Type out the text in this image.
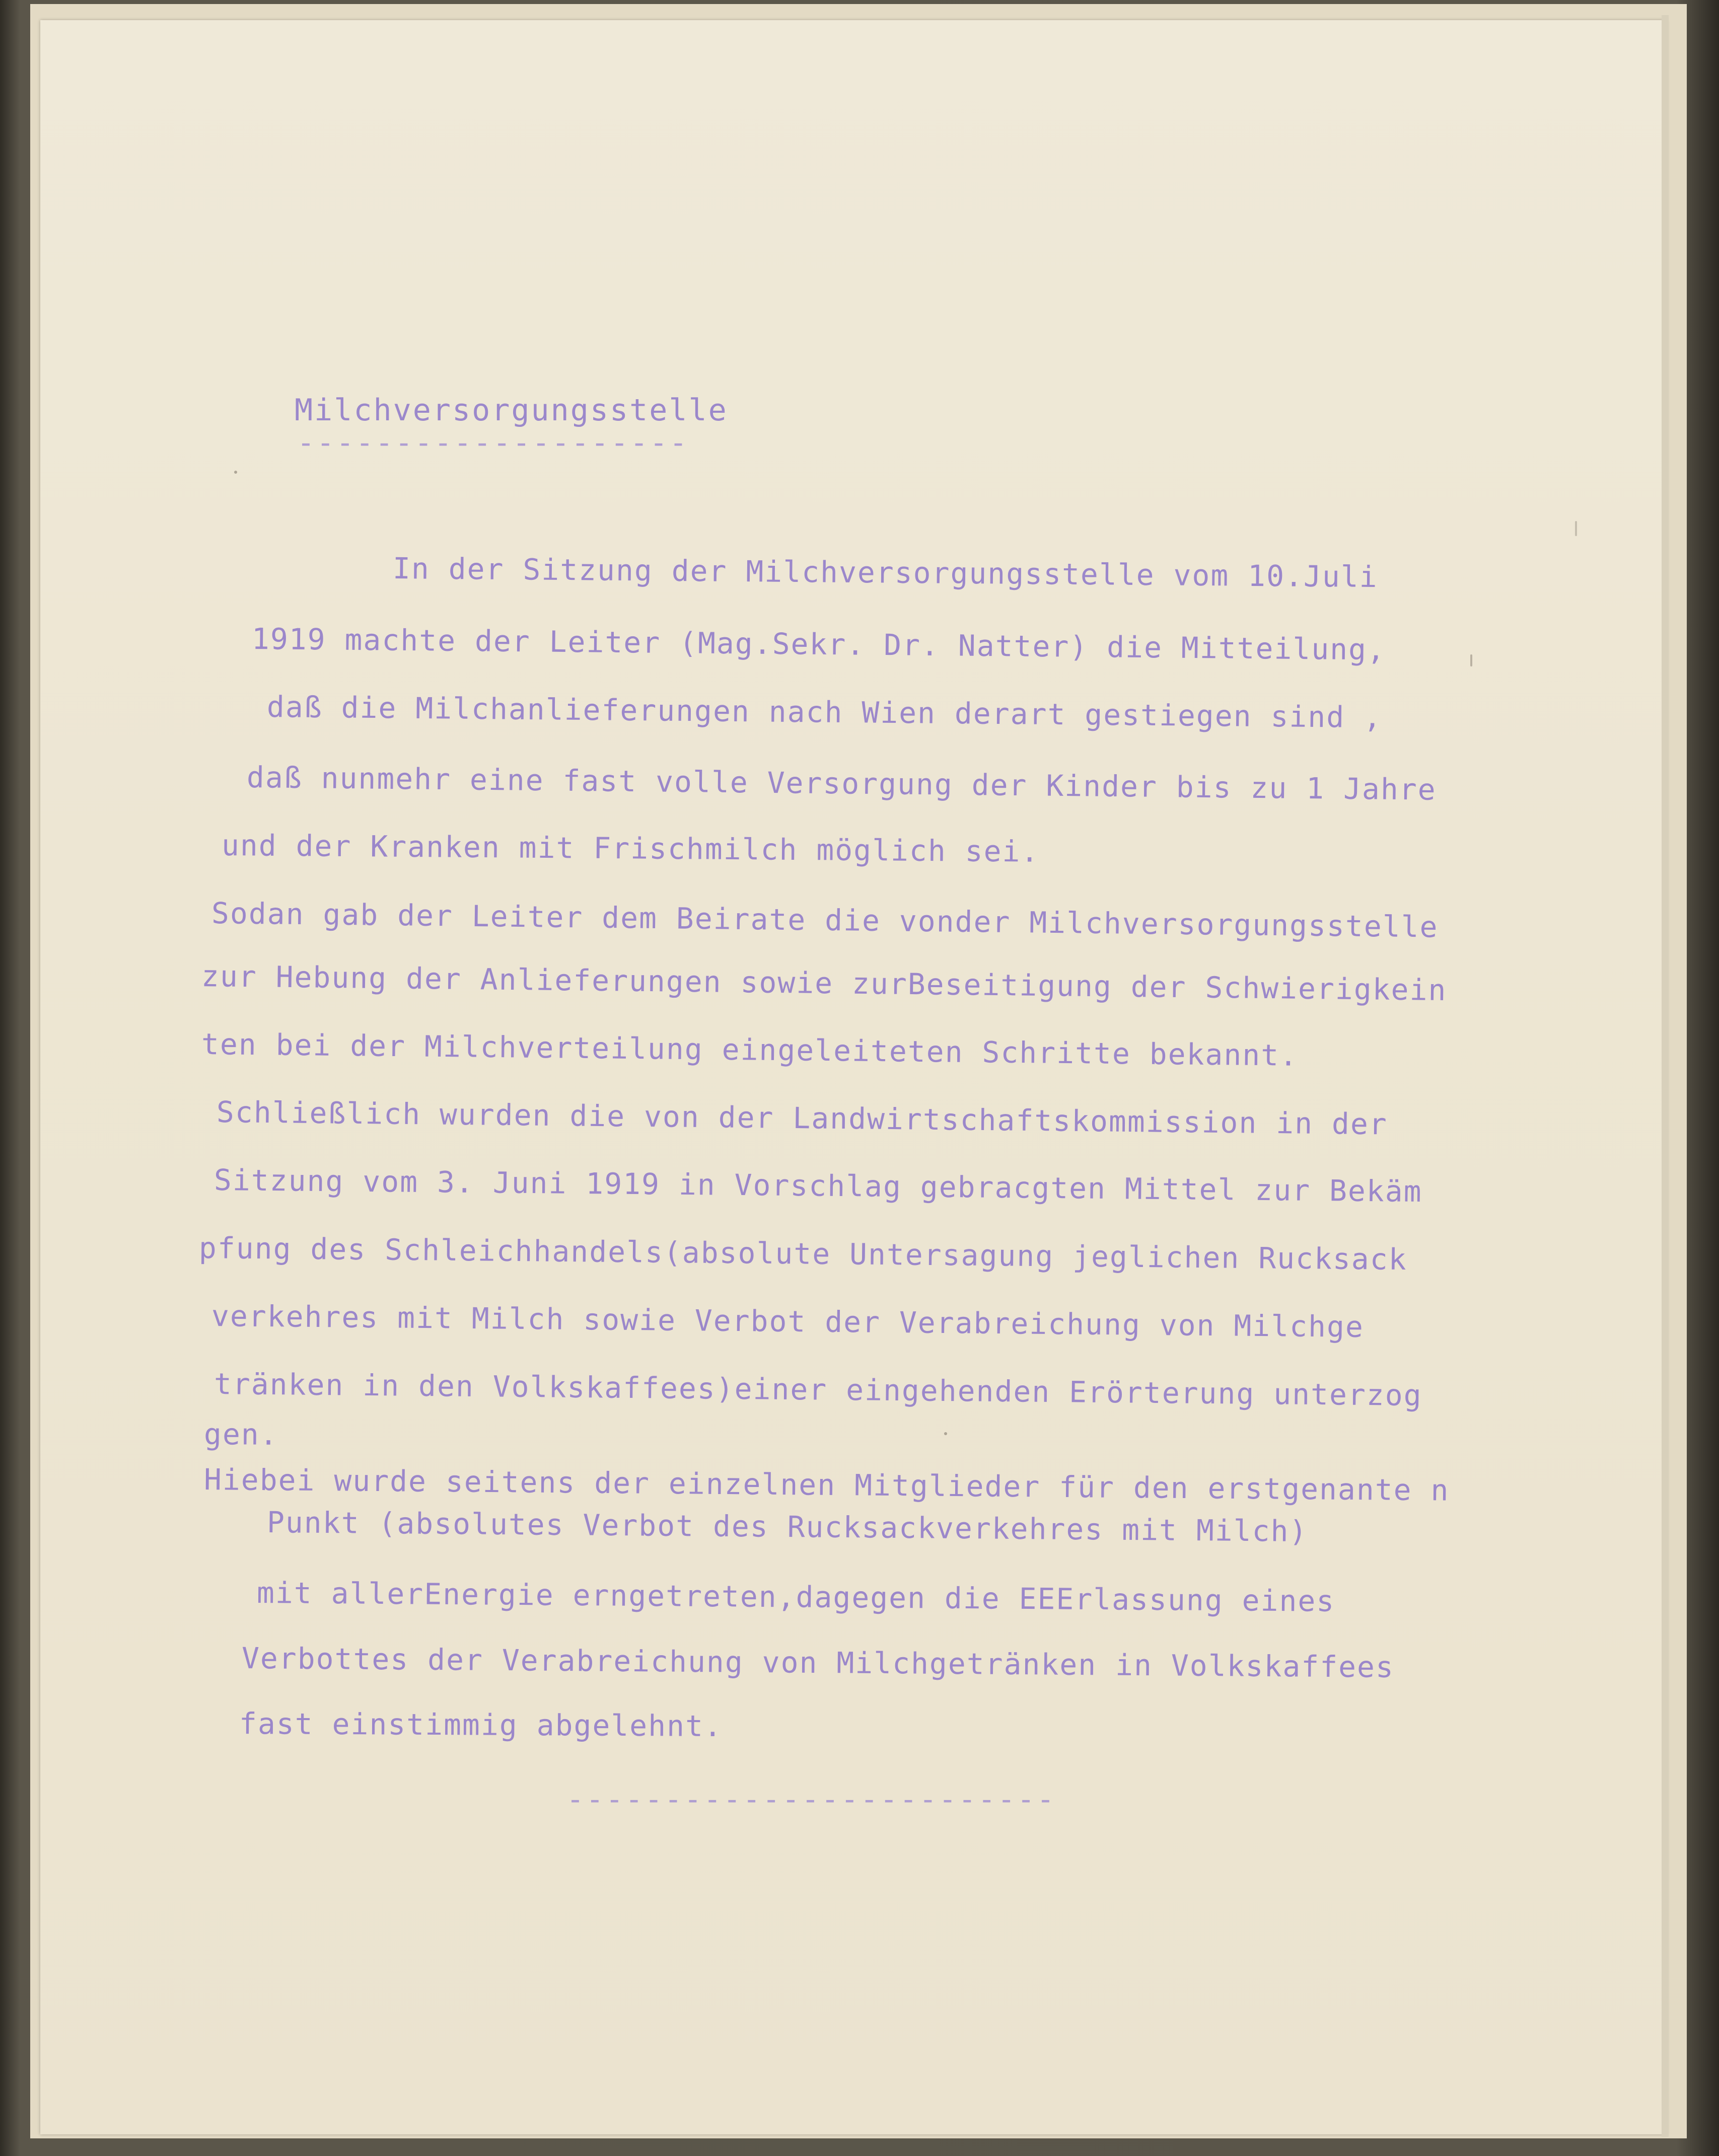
Milchversorgungsstelle
--------------------
In der Sitzung der Milchversorgungsstelle vom 10.Juli
1919 machte der Leiter (Mag.Sekr. Dr. Natter) die Mitteilung,
daß die Milchanlieferungen nach Wien derart gestiegen sind ,
daß nunmehr eine fast volle Versorgung der Kinder bis zu 1 Jahre
und der Kranken mit Frischmilch möglich sei.
Sodan gab der Leiter dem Beirate die vonder Milchversorgungsstelle
zur Hebung der Anlieferungen sowie zurBeseitigung der Schwierigkein
ten bei der Milchverteilung eingeleiteten Schritte bekannt.
Schließlich wurden die von der Landwirtschaftskommission in der
Sitzung vom 3. Juni 1919 in Vorschlag gebracgten Mittel zur Bekäm
pfung des Schleichhandels(absolute Untersagung jeglichen Rucksack
verkehres mit Milch sowie Verbot der Verabreichung von Milchge
tränken in den Volkskaffees)einer eingehenden Erörterung unterzog
gen.
Hiebei wurde seitens der einzelnen Mitglieder für den erstgenante n
Punkt (absolutes Verbot des Rucksackverkehres mit Milch)
mit allerEnergie erngetreten,dagegen die EEErlassung eines
Verbottes der Verabreichung von Milchgetränken in Volkskaffees
fast einstimmig abgelehnt.
-------------------------
